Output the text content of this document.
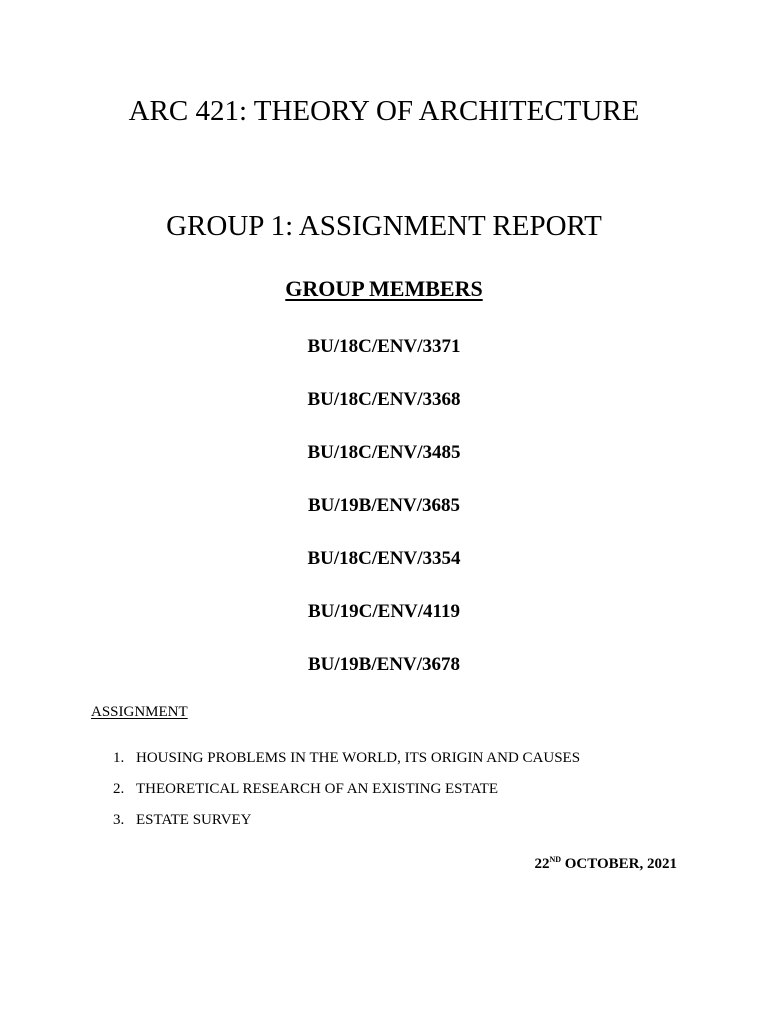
ARC 421: THEORY OF ARCHITECTURE
GROUP 1: ASSIGNMENT REPORT
GROUP MEMBERS
BU/18C/ENV/3371
BU/18C/ENV/3368
BU/18C/ENV/3485
BU/19B/ENV/3685
BU/18C/ENV/3354
BU/19C/ENV/4119
BU/19B/ENV/3678
ASSIGNMENT
1. HOUSING PROBLEMS IN THE WORLD, ITS ORIGIN AND CAUSES
2. THEORETICAL RESEARCH OF AN EXISTING ESTATE
3. ESTATE SURVEY
22ND OCTOBER, 2021
